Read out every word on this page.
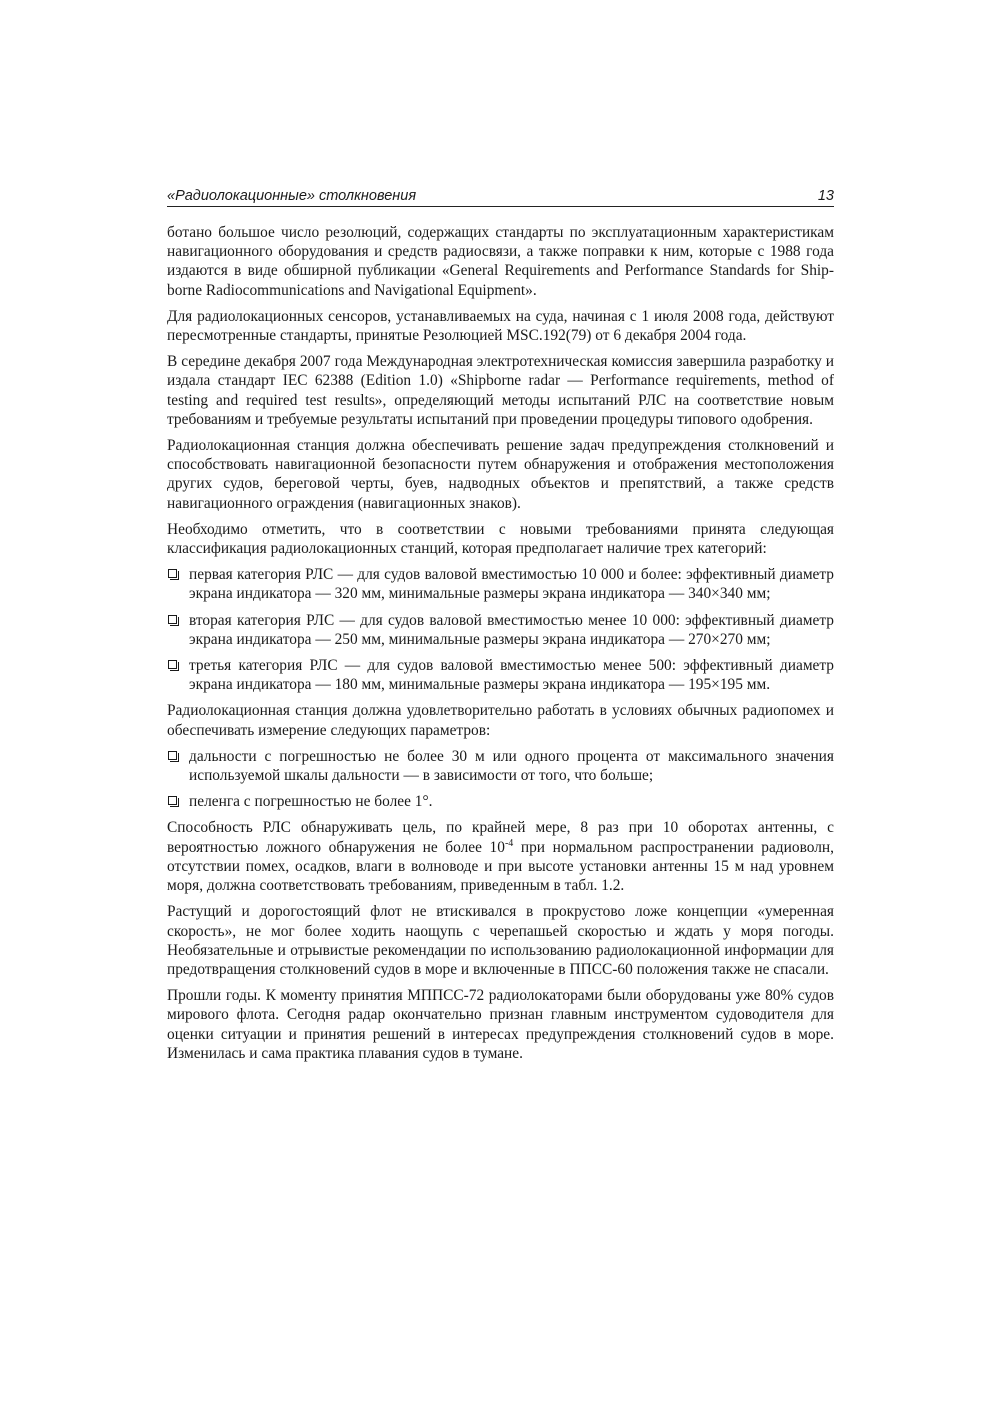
«Радиолокационные» столкновения	13

ботано большое число резолюций, содержащих стандарты по эксплуатационным характеристикам навигационного оборудования и средств радиосвязи, а также поправки к ним, которые с 1988 года издаются в виде обширной публикации «General Requirements and Performance Standards for Ship-borne Radiocommunications and Navigational Equipment».

Для радиолокационных сенсоров, устанавливаемых на суда, начиная с 1 июля 2008 года, действуют пересмотренные стандарты, принятые Резолюцией MSC.192(79) от 6 декабря 2004 года.

В середине декабря 2007 года Международная электротехническая комиссия завершила разработку и издала стандарт IEC 62388 (Edition 1.0) «Shipborne radar — Performance requirements, method of testing and required test results», определяющий методы испытаний РЛС на соответствие новым требованиям и требуемые результаты испытаний при проведении процедуры типового одобрения.

Радиолокационная станция должна обеспечивать решение задач предупреждения столкновений и способствовать навигационной безопасности путем обнаружения и отображения местоположения других судов, береговой черты, буев, надводных объектов и препятствий, а также средств навигационного ограждения (навигационных знаков).

Необходимо отметить, что в соответствии с новыми требованиями принята следующая классификация радиолокационных станций, которая предполагает наличие трех категорий:

первая категория РЛС — для судов валовой вместимостью 10 000 и более: эффективный диаметр экрана индикатора — 320 мм, минимальные размеры экрана индикатора — 340×340 мм;
вторая категория РЛС — для судов валовой вместимостью менее 10 000: эффективный диаметр экрана индикатора — 250 мм, минимальные размеры экрана индикатора — 270×270 мм;
третья категория РЛС — для судов валовой вместимостью менее 500: эффективный диаметр экрана индикатора — 180 мм, минимальные размеры экрана индикатора — 195×195 мм.

Радиолокационная станция должна удовлетворительно работать в условиях обычных радиопомех и обеспечивать измерение следующих параметров:

дальности с погрешностью не более 30 м или одного процента от максимального значения используемой шкалы дальности — в зависимости от того, что больше;
пеленга с погрешностью не более 1°.

Способность РЛС обнаруживать цель, по крайней мере, 8 раз при 10 оборотах антенны, с вероятностью ложного обнаружения не более $10^{-4}$ при нормальном распространении радиоволн, отсутствии помех, осадков, влаги в волноводе и при высоте установки антенны 15 м над уровнем моря, должна соответствовать требованиям, приведенным в табл. 1.2.

Растущий и дорогостоящий флот не втискивался в прокрустово ложе концепции «умеренная скорость», не мог более ходить наощупь с черепашьей скоростью и ждать у моря погоды. Необязательные и отрывистые рекомендации по использованию радиолокационной информации для предотвращения столкновений судов в море и включенные в ППСС-60 положения также не спасали.

Прошли годы. К моменту принятия МППСС-72 радиолокаторами были оборудованы уже 80% судов мирового флота. Сегодня радар окончательно признан главным инструментом судоводителя для оценки ситуации и принятия решений в интересах предупреждения столкновений судов в море. Изменилась и сама практика плавания судов в тумане.
